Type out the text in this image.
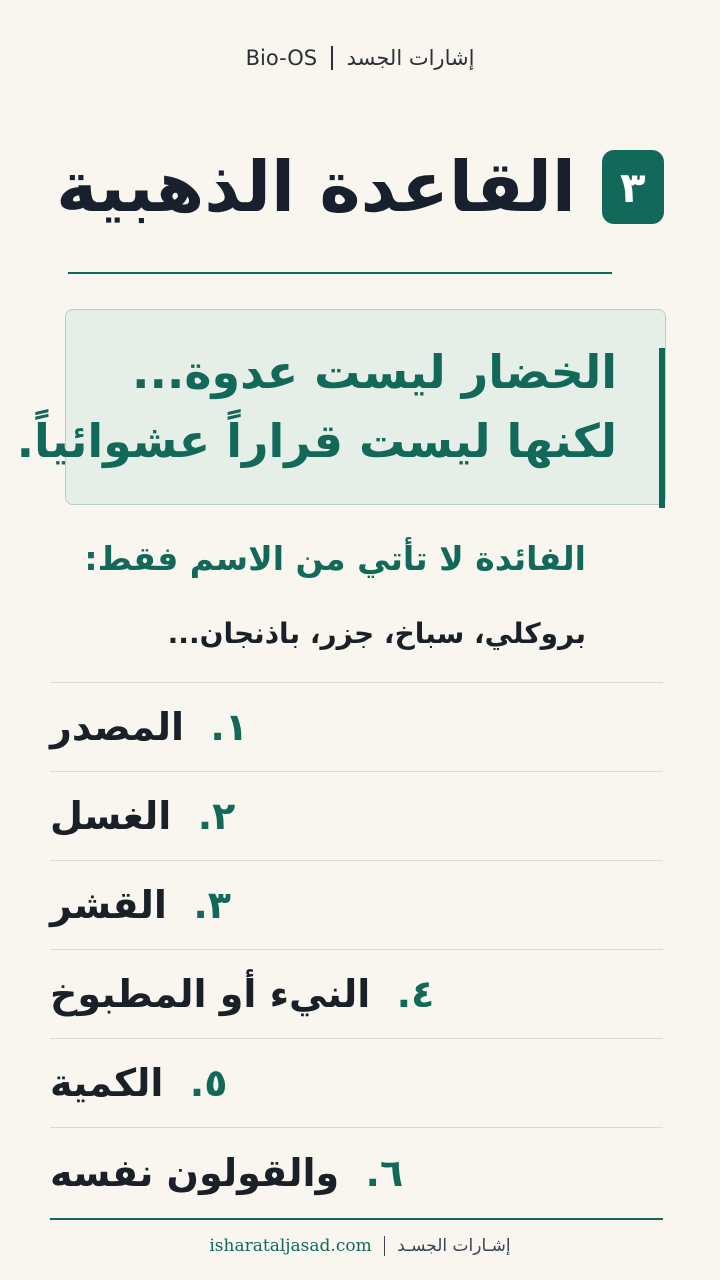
Bio-OS إشارات الجسد
٣
القاعدة الذهبية
الخضار ليست عدوة...
لكنها ليست قراراً عشوائياً.
الفائدة لا تأتي من الاسم فقط:
بروكلي، سباخ، جزر، باذنجان...
المصدر ١.
الغسل ٢.
القشر ٣.
النيء أو المطبوخ ٤.
الكمية ٥.
والقولون نفسه ٦.
isharataljasad.com إشـارات الجسـد
